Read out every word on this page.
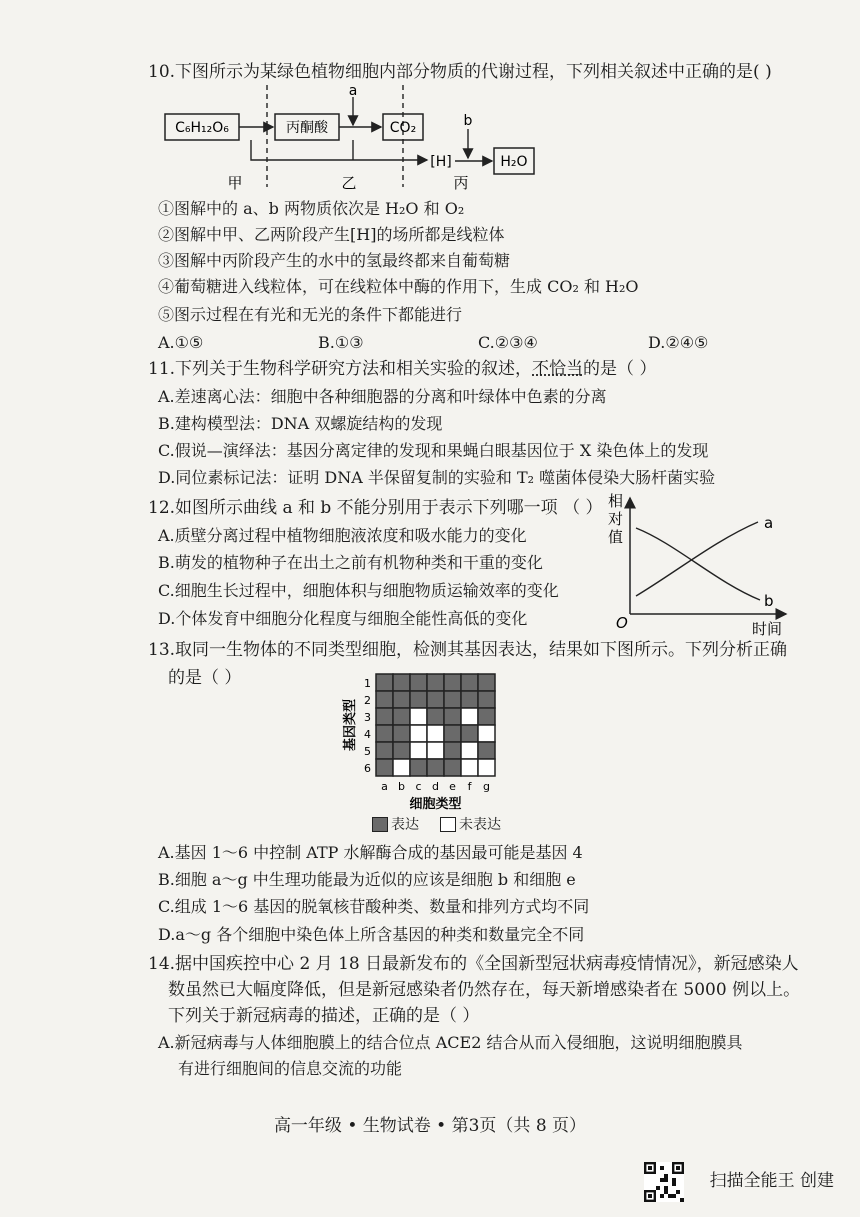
10.下图所示为某绿色植物细胞内部分物质的代谢过程，下列相关叙述中正确的是( )
C₆H₁₂O₆	丙酮酸	CO₂
[H]	H₂O
a
b
甲	乙	丙
①图解中的 a、b 两物质依次是 H₂O 和 O₂
②图解中甲、乙两阶段产生[H]的场所都是线粒体
③图解中丙阶段产生的水中的氢最终都来自葡萄糖
④葡萄糖进入线粒体，可在线粒体中酶的作用下，生成 CO₂ 和 H₂O
⑤图示过程在有光和无光的条件下都能进行
A.①⑤	B.①③	C.②③④	D.②④⑤
11.下列关于生物科学研究方法和相关实验的叙述，不恰当的是（ ）
A.差速离心法：细胞中各种细胞器的分离和叶绿体中色素的分离
B.建构模型法：DNA 双螺旋结构的发现
C.假说—演绎法：基因分离定律的发现和果蝇白眼基因位于 X 染色体上的发现
D.同位素标记法：证明 DNA 半保留复制的实验和 T₂ 噬菌体侵染大肠杆菌实验
12.如图所示曲线 a 和 b 不能分别用于表示下列哪一项 （ ）
A.质壁分离过程中植物细胞液浓度和吸水能力的变化
B.萌发的植物种子在出土之前有机物种类和干重的变化
C.细胞生长过程中，细胞体积与细胞物质运输效率的变化
D.个体发育中细胞分化程度与细胞全能性高低的变化
相
对
值
a
b
O	时间
13.取同一生物体的不同类型细胞，检测其基因表达，结果如下图所示。下列分析正确
的是（ ）	1
2
3
4
5
6
a b c d e f g
细胞类型
基因类型
表达	未表达
A.基因 1～6 中控制 ATP 水解酶合成的基因最可能是基因 4
B.细胞 a～g 中生理功能最为近似的应该是细胞 b 和细胞 e
C.组成 1～6 基因的脱氧核苷酸种类、数量和排列方式均不同
D.a～g 各个细胞中染色体上所含基因的种类和数量完全不同
14.据中国疾控中心 2 月 18 日最新发布的《全国新型冠状病毒疫情情况》，新冠感染人
数虽然已大幅度降低，但是新冠感染者仍然存在，每天新增感染者在 5000 例以上。
下列关于新冠病毒的描述，正确的是（ ）
A.新冠病毒与人体细胞膜上的结合位点 ACE2 结合从而入侵细胞，这说明细胞膜具
有进行细胞间的信息交流的功能
高一年级 • 生物试卷 • 第3页（共 8 页）
扫描全能王 创建
